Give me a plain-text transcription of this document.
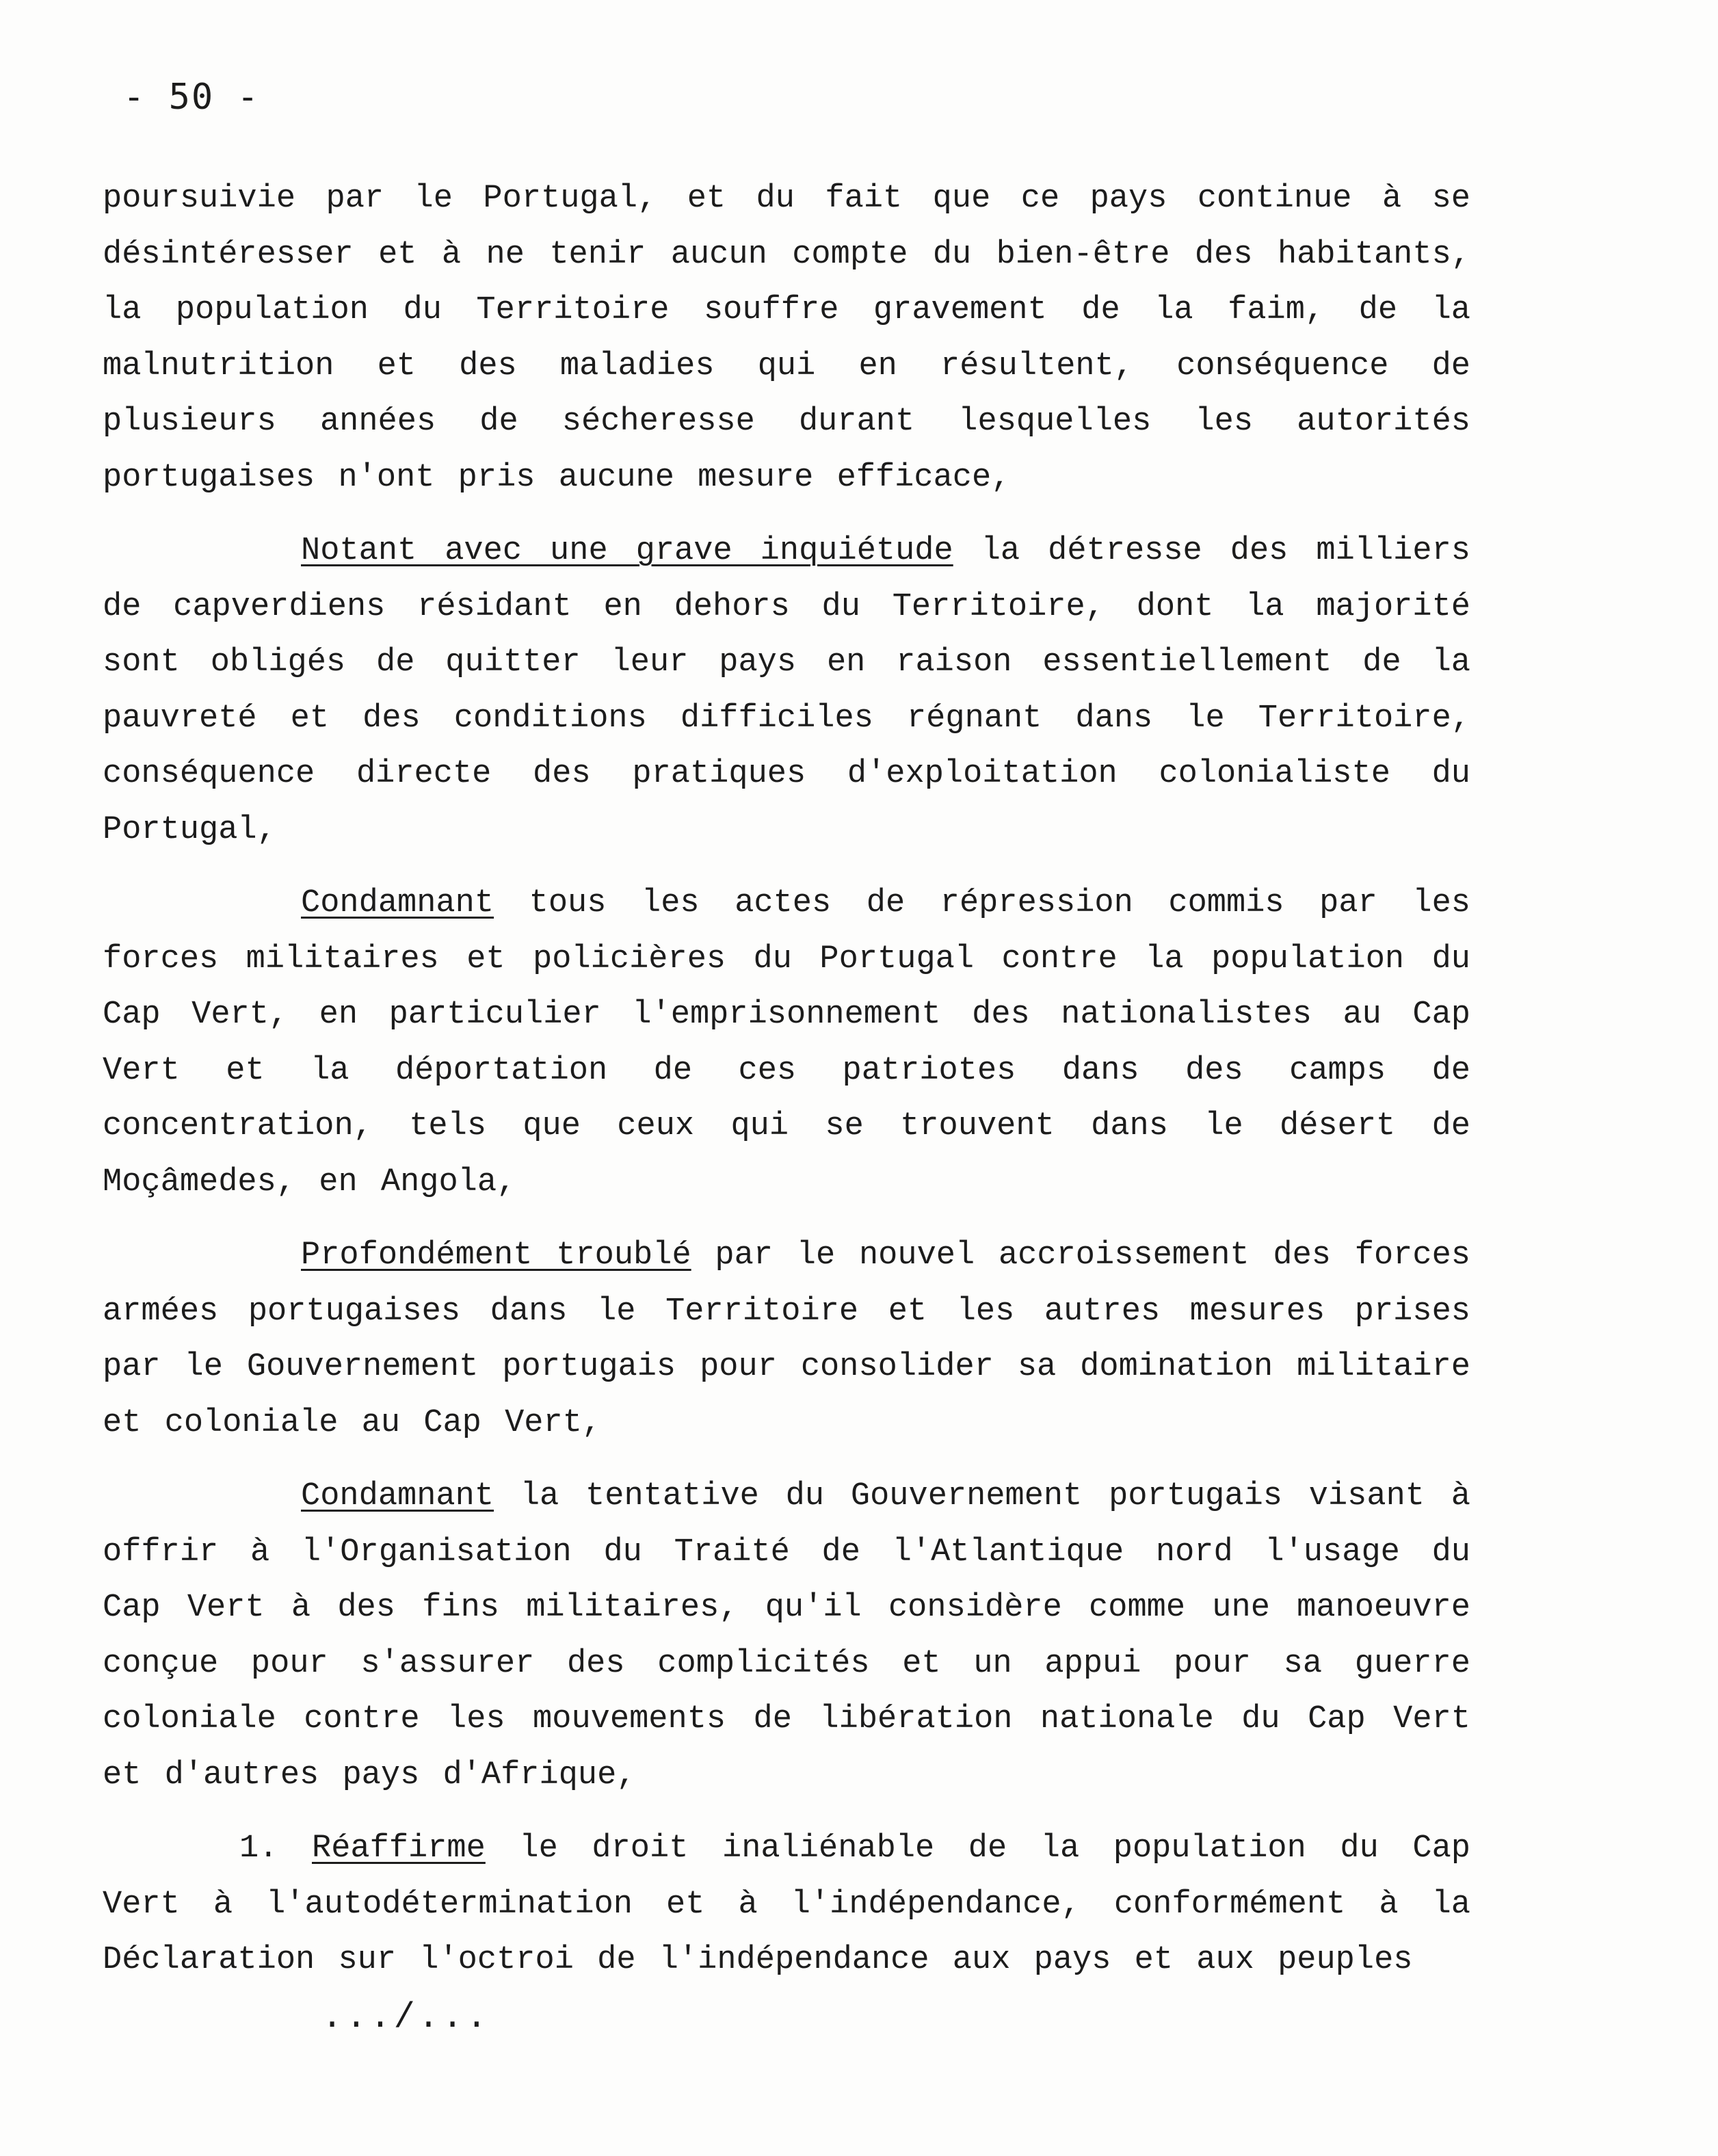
- 50 -

poursuivie par le Portugal, et du fait que ce pays continue à se désintéresser et à ne tenir aucun compte du bien-être des habitants, la population du Territoire souffre gravement de la faim, de la malnutrition et des maladies qui en résultent, conséquence de plusieurs années de sécheresse durant lesquelles les autorités portugaises n'ont pris aucune mesure efficace,

Notant avec une grave inquiétude la détresse des milliers de capverdiens résidant en dehors du Territoire, dont la majorité sont obligés de quitter leur pays en raison essentiellement de la pauvreté et des conditions difficiles régnant dans le Territoire, conséquence directe des pratiques d'exploitation colonialiste du Portugal,

Condamnant tous les actes de répression commis par les forces militaires et policières du Portugal contre la population du Cap Vert, en particulier l'emprisonnement des nationalistes au Cap Vert et la déportation de ces patriotes dans des camps de concentration, tels que ceux qui se trouvent dans le désert de Moçâmedes, en Angola,

Profondément troublé par le nouvel accroissement des forces armées portugaises dans le Territoire et les autres mesures prises par le Gouvernement portugais pour consolider sa domination militaire et coloniale au Cap Vert,

Condamnant la tentative du Gouvernement portugais visant à offrir à l'Organisation du Traité de l'Atlantique nord l'usage du Cap Vert à des fins militaires, qu'il considère comme une manoeuvre conçue pour s'assurer des complicités et un appui pour sa guerre coloniale contre les mouvements de libération nationale du Cap Vert et d'autres pays d'Afrique,

1. Réaffirme le droit inaliénable de la population du Cap Vert à l'autodétermination et à l'indépendance, conformément à la Déclaration sur l'octroi de l'indépendance aux pays et aux peuples

.../...
